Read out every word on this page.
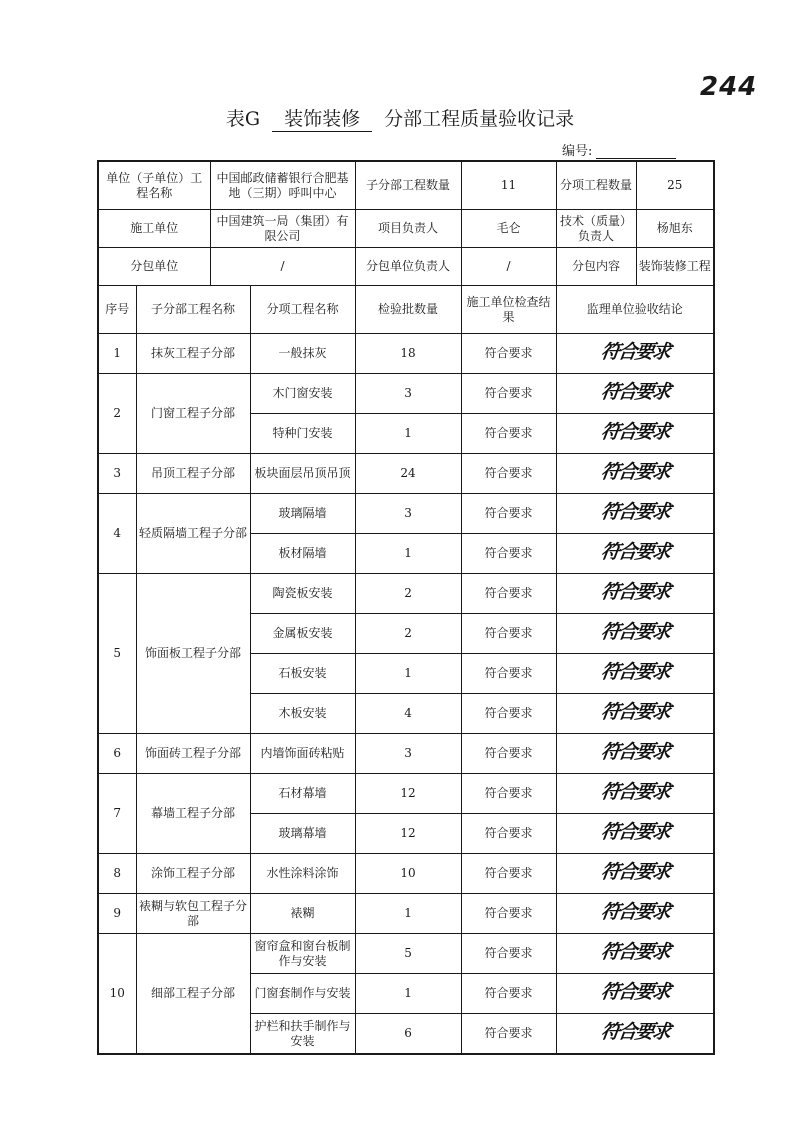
244
表G 装饰装修 分部工程质量验收记录
编号:
单位（子单位）工程名称		中国邮政储蓄银行合肥基地（三期）呼叫中心		子分部工程数量	11	分项工程数量	25
施工单位		中国建筑一局（集团）有限公司		项目负责人	毛仑	技术（质量）负责人	杨旭东
分包单位		/		分包单位负责人	/	分包内容	装饰装修工程
序号	子分部工程名称		分项工程名称	检验批数量	施工单位检查结果	监理单位验收结论	
1	抹灰工程子分部		一般抹灰	18	符合要求	符合要求	
2	门窗工程子分部		木门窗安装	3	符合要求	符合要求	
			特种门安装	1	符合要求	符合要求	
3	吊顶工程子分部		板块面层吊顶吊顶	24	符合要求	符合要求	
4	轻质隔墙工程子分部		玻璃隔墙	3	符合要求	符合要求	
			板材隔墙	1	符合要求	符合要求	
5	饰面板工程子分部		陶瓷板安装	2	符合要求	符合要求	
			金属板安装	2	符合要求	符合要求	
			石板安装	1	符合要求	符合要求	
			木板安装	4	符合要求	符合要求	
6	饰面砖工程子分部		内墙饰面砖粘贴	3	符合要求	符合要求	
7	幕墙工程子分部		石材幕墙	12	符合要求	符合要求	
			玻璃幕墙	12	符合要求	符合要求	
8	涂饰工程子分部		水性涂料涂饰	10	符合要求	符合要求	
9	裱糊与软包工程子分部		裱糊	1	符合要求	符合要求	
10	细部工程子分部		窗帘盒和窗台板制作与安装	5	符合要求	符合要求	
			门窗套制作与安装	1	符合要求	符合要求	
			护栏和扶手制作与安装	6	符合要求	符合要求	
